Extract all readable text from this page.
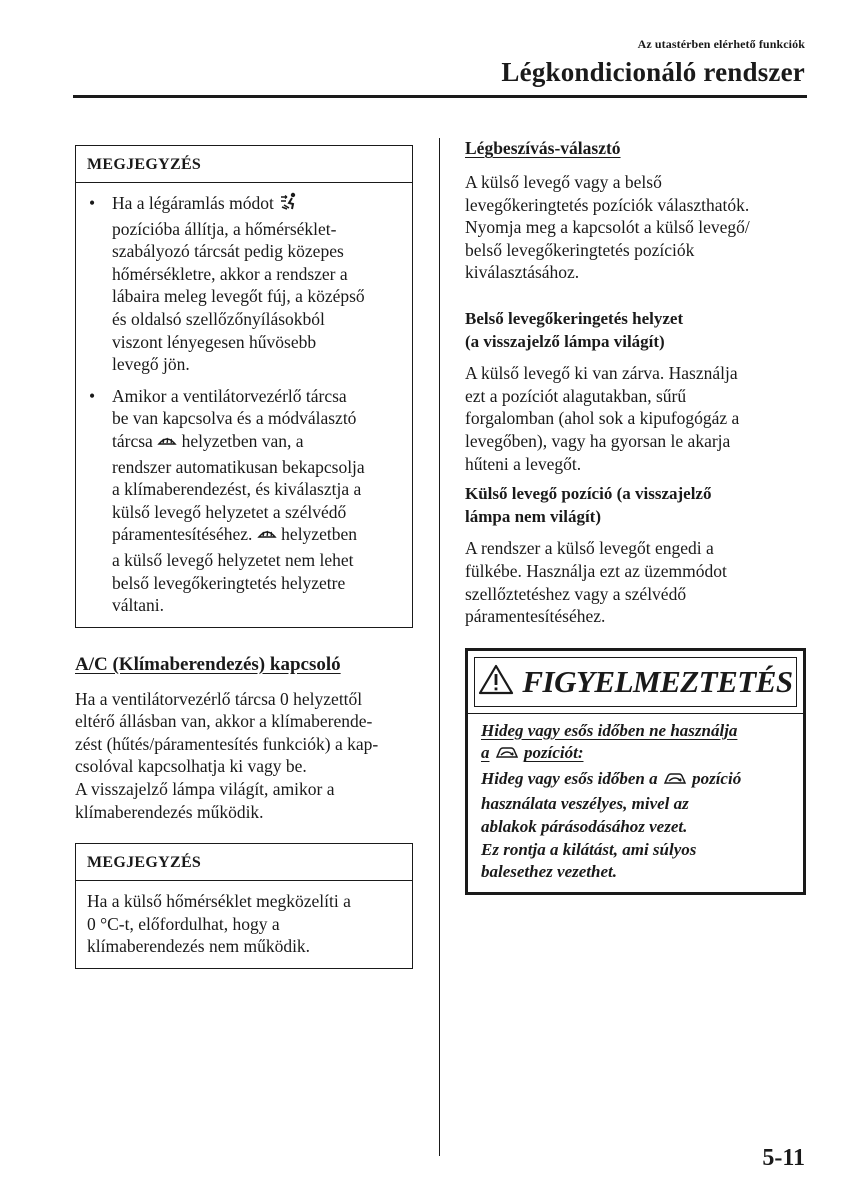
Az utastérben elérhető funkciók
Légkondicionáló rendszer
MEGJEGYZÉS
• Ha a légáramlás módot
pozícióba állítja, a hőmérséklet-
szabályozó tárcsát pedig közepes
hőmérsékletre, akkor a rendszer a
lábaira meleg levegőt fúj, a középső
és oldalsó szellőzőnyílásokból
viszont lényegesen hűvösebb
levegő jön.
• Amikor a ventilátorvezérlő tárcsa
be van kapcsolva és a módválasztó
tárcsa helyzetben van, a
rendszer automatikusan bekapcsolja
a klímaberendezést, és kiválasztja a
külső levegő helyzetet a szélvédő
páramentesítéséhez. helyzetben
a külső levegő helyzetet nem lehet
belső levegőkeringtetés helyzetre
váltani.
A/C (Klímaberendezés) kapcsoló

Ha a ventilátorvezérlő tárcsa 0 helyzettől
eltérő állásban van, akkor a klímaberende-
zést (hűtés/páramentesítés funkciók) a kap-
csolóval kapcsolhatja ki vagy be.
A visszajelző lámpa világít, amikor a
klímaberendezés működik.

MEGJEGYZÉS
Ha a külső hőmérséklet megközelíti a
0 °C-t, előfordulhat, hogy a
klímaberendezés nem működik.
Légbeszívás-választó

A külső levegő vagy a belső
levegőkeringtetés pozíciók választhatók.
Nyomja meg a kapcsolót a külső levegő/
belső levegőkeringtetés pozíciók
kiválasztásához.

Belső levegőkeringetés helyzet
(a visszajelző lámpa világít)

A külső levegő ki van zárva. Használja
ezt a pozíciót alagutakban, sűrű
forgalomban (ahol sok a kipufogógáz a
levegőben), vagy ha gyorsan le akarja
hűteni a levegőt.

Külső levegő pozíció (a visszajelző
lámpa nem világít)

A rendszer a külső levegőt engedi a
fülkébe. Használja ezt az üzemmódot
szellőztetéshez vagy a szélvédő
páramentesítéséhez.

FIGYELMEZTETÉS
Hideg vagy esős időben ne használja
a pozíciót:
Hideg vagy esős időben a pozíció
használata veszélyes, mivel az
ablakok párásodásához vezet.
Ez rontja a kilátást, ami súlyos
balesethez vezethet.
5-11
